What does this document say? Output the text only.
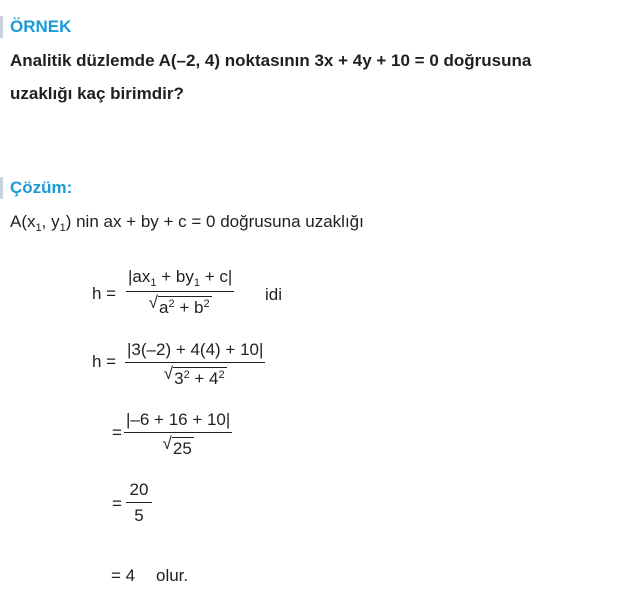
ÖRNEK
Analitik düzlemde A(–2, 4) noktasının 3x + 4y + 10 = 0 doğrusuna
uzaklığı kaç birimdir?
Çözüm:
$A(x_1$, $y_1$) nin ax + by + c = 0 doğrusuna uzaklığı
h =
$|ax_1 + by_1 + c|$
√ $a^2 + b^2$	idi
h =
|3(–2) + 4(4) + 10|
√ $3^2 + 4^2$
=
|–6 + 16 + 10|
√ 25
=
20
5
= 4 olur.
